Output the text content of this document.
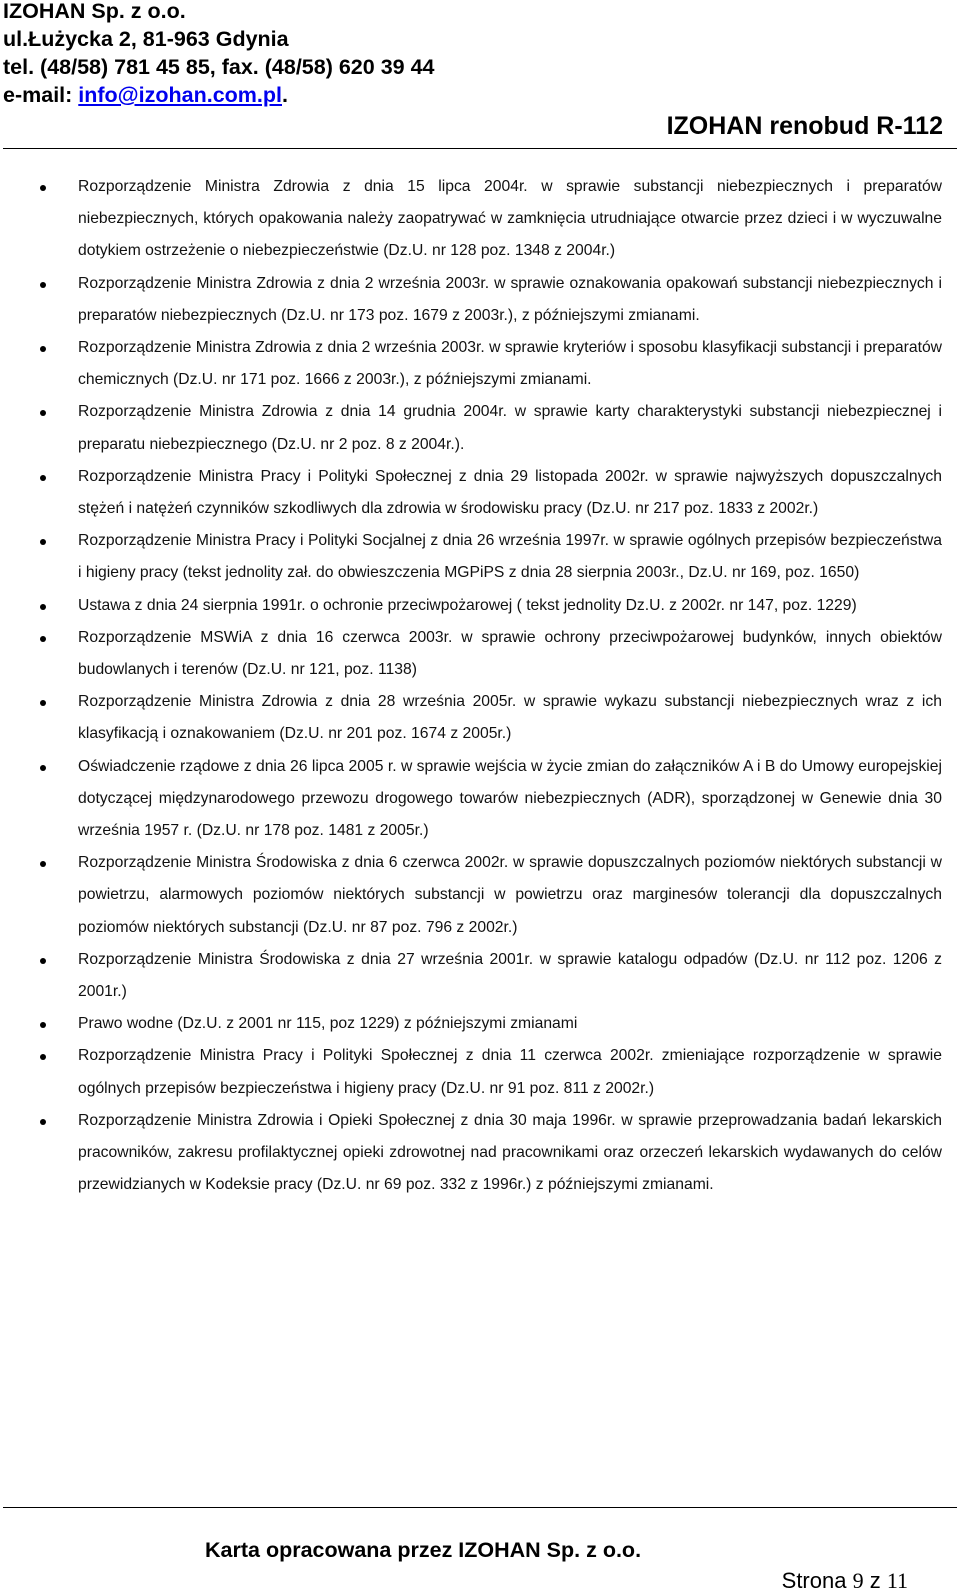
IZOHAN Sp. z o.o.
ul.Łużycka 2, 81-963 Gdynia
tel. (48/58) 781 45 85, fax. (48/58) 620 39 44
e-mail: info@izohan.com.pl.
IZOHAN renobud R-112
Rozporządzenie Ministra Zdrowia z dnia 15 lipca 2004r. w sprawie substancji niebezpiecznych i preparatów niebezpiecznych, których opakowania należy zaopatrywać w zamknięcia utrudniające otwarcie przez dzieci i w wyczuwalne dotykiem ostrzeżenie o niebezpieczeństwie (Dz.U. nr 128 poz. 1348 z 2004r.)
Rozporządzenie Ministra Zdrowia z dnia 2 września 2003r. w sprawie oznakowania opakowań substancji niebezpiecznych i preparatów niebezpiecznych (Dz.U. nr 173 poz. 1679 z 2003r.), z późniejszymi zmianami.
Rozporządzenie Ministra Zdrowia z dnia 2 września 2003r. w sprawie kryteriów i sposobu klasyfikacji substancji i preparatów chemicznych (Dz.U. nr 171 poz. 1666 z 2003r.), z późniejszymi zmianami.
Rozporządzenie Ministra Zdrowia z dnia 14 grudnia 2004r. w sprawie karty charakterystyki substancji niebezpiecznej i preparatu niebezpiecznego (Dz.U. nr 2 poz. 8 z 2004r.).
Rozporządzenie Ministra Pracy i Polityki Społecznej z dnia 29 listopada 2002r. w sprawie najwyższych dopuszczalnych stężeń i natężeń czynników szkodliwych dla zdrowia w środowisku pracy (Dz.U. nr 217 poz. 1833 z 2002r.)
Rozporządzenie Ministra Pracy i Polityki Socjalnej z dnia 26 września 1997r. w sprawie ogólnych przepisów bezpieczeństwa i higieny pracy (tekst jednolity zał. do obwieszczenia MGPiPS z dnia 28 sierpnia 2003r., Dz.U. nr 169, poz. 1650)
Ustawa z dnia 24 sierpnia 1991r. o ochronie przeciwpożarowej ( tekst jednolity Dz.U. z 2002r. nr 147, poz. 1229)
Rozporządzenie MSWiA z dnia 16 czerwca 2003r. w sprawie ochrony przeciwpożarowej budynków, innych obiektów budowlanych i terenów (Dz.U. nr 121, poz. 1138)
Rozporządzenie Ministra Zdrowia z dnia 28 września 2005r. w sprawie wykazu substancji niebezpiecznych wraz z ich klasyfikacją i oznakowaniem (Dz.U. nr 201 poz. 1674 z 2005r.)
Oświadczenie rządowe z dnia 26 lipca 2005 r. w sprawie wejścia w życie zmian do załączników A i B do Umowy europejskiej dotyczącej międzynarodowego przewozu drogowego towarów niebezpiecznych (ADR), sporządzonej w Genewie dnia 30 września 1957 r. (Dz.U. nr 178 poz. 1481 z 2005r.)
Rozporządzenie Ministra Środowiska z dnia 6 czerwca 2002r. w sprawie dopuszczalnych poziomów niektórych substancji w powietrzu, alarmowych poziomów niektórych substancji w powietrzu oraz marginesów tolerancji dla dopuszczalnych poziomów niektórych substancji (Dz.U. nr 87 poz. 796 z 2002r.)
Rozporządzenie Ministra Środowiska z dnia 27 września 2001r. w sprawie katalogu odpadów (Dz.U. nr 112 poz. 1206 z 2001r.)
Prawo wodne (Dz.U. z 2001 nr 115, poz 1229) z późniejszymi zmianami
Rozporządzenie Ministra Pracy i Polityki Społecznej z dnia 11 czerwca 2002r. zmieniające rozporządzenie w sprawie ogólnych przepisów bezpieczeństwa i higieny pracy (Dz.U. nr 91 poz. 811 z 2002r.)
Rozporządzenie Ministra Zdrowia i Opieki Społecznej z dnia 30 maja 1996r. w sprawie przeprowadzania badań lekarskich pracowników, zakresu profilaktycznej opieki zdrowotnej nad pracownikami oraz orzeczeń lekarskich wydawanych do celów przewidzianych w Kodeksie pracy (Dz.U. nr 69 poz. 332 z 1996r.) z późniejszymi zmianami.
Karta opracowana przez IZOHAN Sp. z o.o.
Strona 9 z 11
